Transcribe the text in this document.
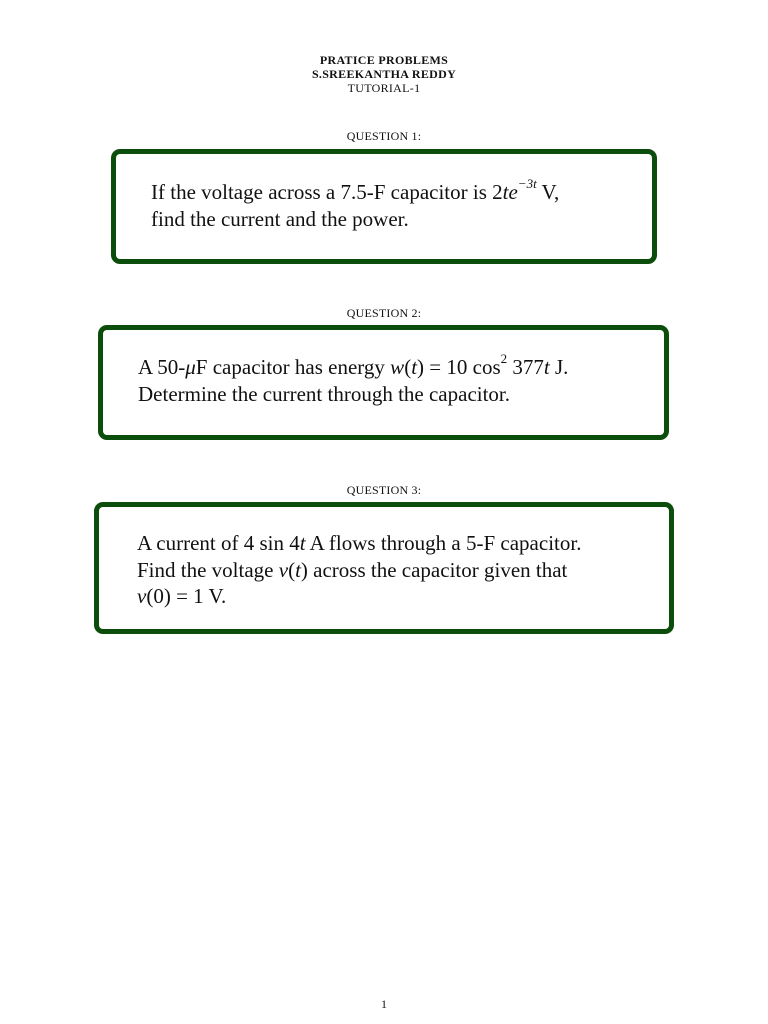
PRATICE PROBLEMS
S.SREEKANTHA REDDY
TUTORIAL-1
QUESTION 1:
If the voltage across a 7.5-F capacitor is $2te^{-3t}$ V,
find the current and the power.
QUESTION 2:
A 50-μF capacitor has energy w(t) = 10 $\cos^2 377t$ J.
Determine the current through the capacitor.
QUESTION 3:
A current of 4 sin 4t A flows through a 5-F capacitor.
Find the voltage v(t) across the capacitor given that
v(0) = 1 V.
1
